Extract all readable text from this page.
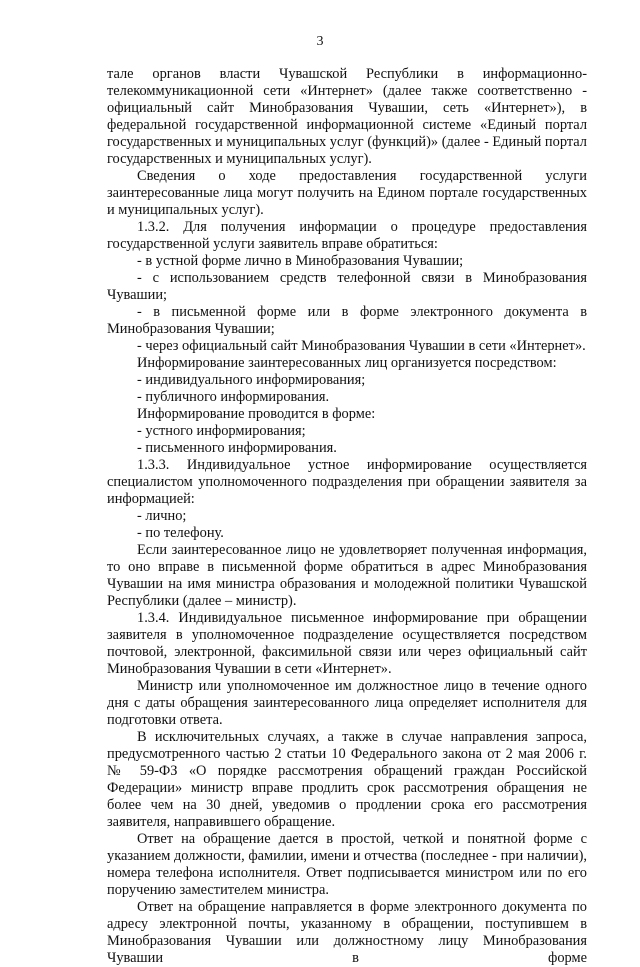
3

тале органов власти Чувашской Республики в информационно-телекоммуникационной сети «Интернет» (далее также соответственно - официальный сайт Минобразования Чувашии, сеть «Интернет»), в федеральной государственной информационной системе «Единый портал государственных и муниципальных услуг (функций)» (далее - Единый портал государственных и муниципальных услуг).

Сведения о ходе предоставления государственной услуги заинтересованные лица могут получить на Едином портале государственных и муниципальных услуг).

1.3.2. Для получения информации о процедуре предоставления государственной услуги заявитель вправе обратиться:

- в устной форме лично в Минобразования Чувашии;

- с использованием средств телефонной связи в Минобразования Чувашии;

- в письменной форме или в форме электронного документа в Минобразования Чувашии;

- через официальный сайт Минобразования Чувашии в сети «Интернет».

Информирование заинтересованных лиц организуется посредством:

- индивидуального информирования;

- публичного информирования.

Информирование проводится в форме:

- устного информирования;

- письменного информирования.

1.3.3. Индивидуальное устное информирование осуществляется специалистом уполномоченного подразделения при обращении заявителя за информацией:

- лично;

- по телефону.

Если заинтересованное лицо не удовлетворяет полученная информация, то оно вправе в письменной форме обратиться в адрес Минобразования Чувашии на имя министра образования и молодежной политики Чувашской Республики (далее – министр).

1.3.4. Индивидуальное письменное информирование при обращении заявителя в уполномоченное подразделение осуществляется посредством почтовой, электронной, факсимильной связи или через официальный сайт Минобразования Чувашии в сети «Интернет».

Министр или уполномоченное им должностное лицо в течение одного дня с даты обращения заинтересованного лица определяет исполнителя для подготовки ответа.

В исключительных случаях, а также в случае направления запроса, предусмотренного частью 2 статьи 10 Федерального закона от 2 мая 2006 г. № 59-ФЗ «О порядке рассмотрения обращений граждан Российской Федерации» министр вправе продлить срок рассмотрения обращения не более чем на 30 дней, уведомив о продлении срока его рассмотрения заявителя, направившего обращение.

Ответ на обращение дается в простой, четкой и понятной форме с указанием должности, фамилии, имени и отчества (последнее - при наличии), номера телефона исполнителя. Ответ подписывается министром или по его поручению заместителем министра.

Ответ на обращение направляется в форме электронного документа по адресу электронной почты, указанному в обращении, поступившем в Минобразования Чувашии или должностному лицу Минобразования Чувашии в форме
